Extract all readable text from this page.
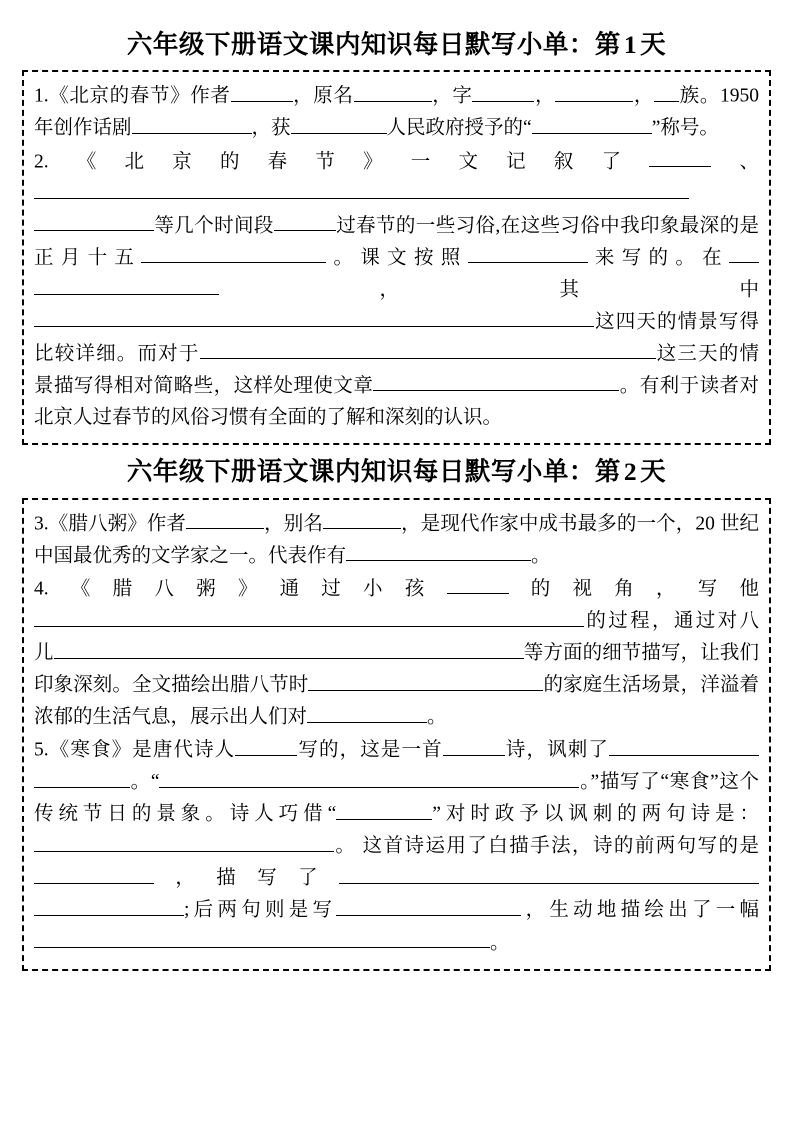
六年级下册语文课内知识每日默写小单：第 1 天

1.《北京的春节》作者	，原名	，字	，	， 族。1950 年创作话剧	，获	人民政府授予的“	”称号。

2.《北京的春节》一文记叙了	、等几个时间段	过春节的一些习俗,在这些习俗中我印象最深的是正月十五	。课文按照	来写的。在，其中这四天的情景写得比较详细。而对于	这三天的情景描写得相对简略些，这样处理使文章	。有利于读者对北京人过春节的风俗习惯有全面的了解和深刻的认识。

六年级下册语文课内知识每日默写小单：第 2 天

3.《腊八粥》作者	，别名	，是现代作家中成书最多的一个，20 世纪中国最优秀的文学家之一。代表作有	。

4.《腊八粥》通过小孩	的视角，写他的过程，通过对八儿	等方面的细节描写，让我们印象深刻。全文描绘出腊八节时	的家庭生活场景，洋溢着浓郁的生活气息，展示出人们对	。

5.《寒食》是唐代诗人	写的，这是一首	诗，讽刺了。“	。”描写了“寒食”这个传统节日的景象。诗人巧借“	”对时政予以讽刺的两句诗是：。 这首诗运用了白描手法，诗的前两句写的是，描写了;后两句则是写	，生动地描绘出了一幅。
